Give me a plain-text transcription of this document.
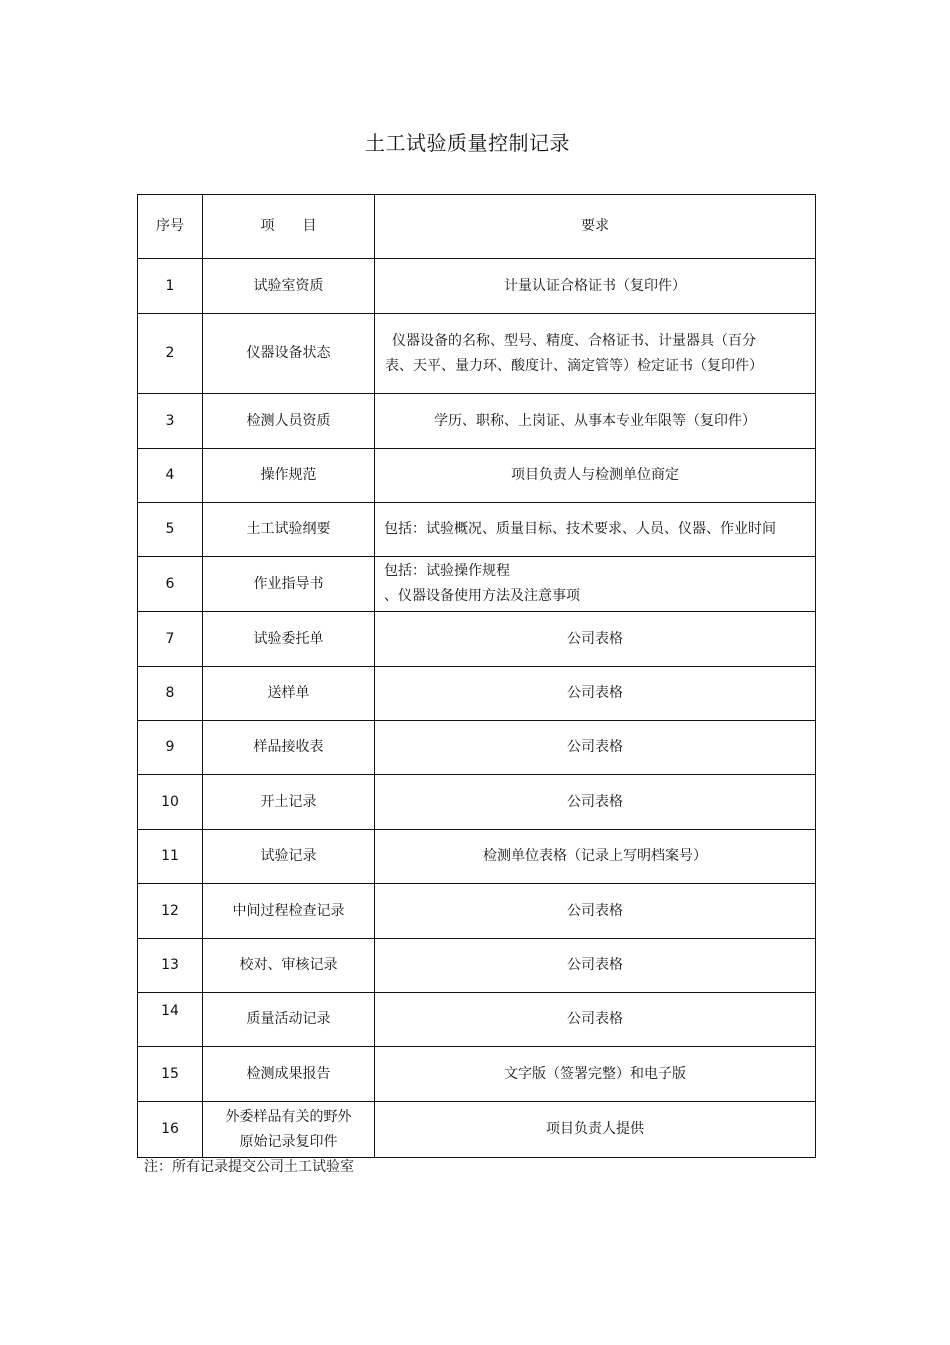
土工试验质量控制记录
序号	项　　目	要求
1	试验室资质	计量认证合格证书（复印件）
2	仪器设备状态	仪器设备的名称、型号、精度、合格证书、计量器具（百分表、天平、量力环、酸度计、滴定管等）检定证书（复印件）
3	检测人员资质	学历、职称、上岗证、从事本专业年限等（复印件）
4	操作规范	项目负责人与检测单位商定
5	土工试验纲要	包括：试验概况、质量目标、技术要求、人员、仪器、作业时间
6	作业指导书	包括：试验操作规程
、仪器设备使用方法及注意事项

7	试验委托单	公司表格
8	送样单	公司表格
9	样品接收表	公司表格
10	开土记录	公司表格
11	试验记录	检测单位表格（记录上写明档案号）
12	中间过程检查记录	公司表格
13	校对、审核记录	公司表格
14	质量活动记录	公司表格
15	检测成果报告	文字版（签署完整）和电子版
16	外委样品有关的野外
原始记录复印件	项目负责人提供
注：所有记录提交公司土工试验室
